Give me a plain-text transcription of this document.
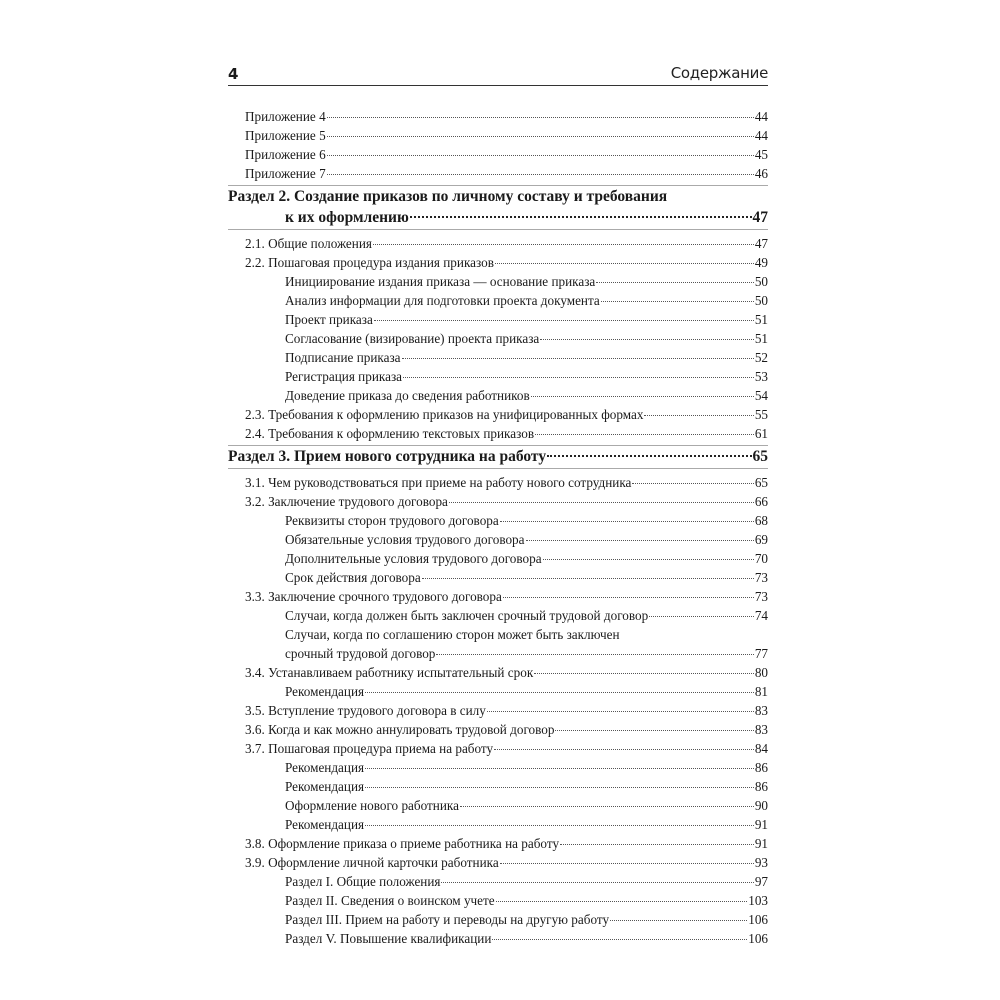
4	Содержание
Приложение 4	44
Приложение 5	44
Приложение 6	45
Приложение 7	46
Раздел 2. Создание приказов по личному составу и требования
к их оформлению	47
2.1. Общие положения	47
2.2. Пошаговая процедура издания приказов	49
Инициирование издания приказа — основание приказа	50
Анализ информации для подготовки проекта документа	50
Проект приказа	51
Согласование (визирование) проекта приказа	51
Подписание приказа	52
Регистрация приказа	53
Доведение приказа до сведения работников	54
2.3. Требования к оформлению приказов на унифицированных формах	55
2.4. Требования к оформлению текстовых приказов	61
Раздел 3. Прием нового сотрудника на работу	65
3.1. Чем руководствоваться при приеме на работу нового сотрудника	65
3.2. Заключение трудового договора	66
Реквизиты сторон трудового договора	68
Обязательные условия трудового договора	69
Дополнительные условия трудового договора	70
Срок действия договора	73
3.3. Заключение срочного трудового договора	73
Случаи, когда должен быть заключен срочный трудовой договор	74
Случаи, когда по соглашению сторон может быть заключен
срочный трудовой договор	77
3.4. Устанавливаем работнику испытательный срок	80
Рекомендация	81
3.5. Вступление трудового договора в силу	83
3.6. Когда и как можно аннулировать трудовой договор	83
3.7. Пошаговая процедура приема на работу	84
Рекомендация	86
Рекомендация	86
Оформление нового работника	90
Рекомендация	91
3.8. Оформление приказа о приеме работника на работу	91
3.9. Оформление личной карточки работника	93
Раздел I. Общие положения	97
Раздел II. Сведения о воинском учете	103
Раздел III. Прием на работу и переводы на другую работу	106
Раздел V. Повышение квалификации	106
